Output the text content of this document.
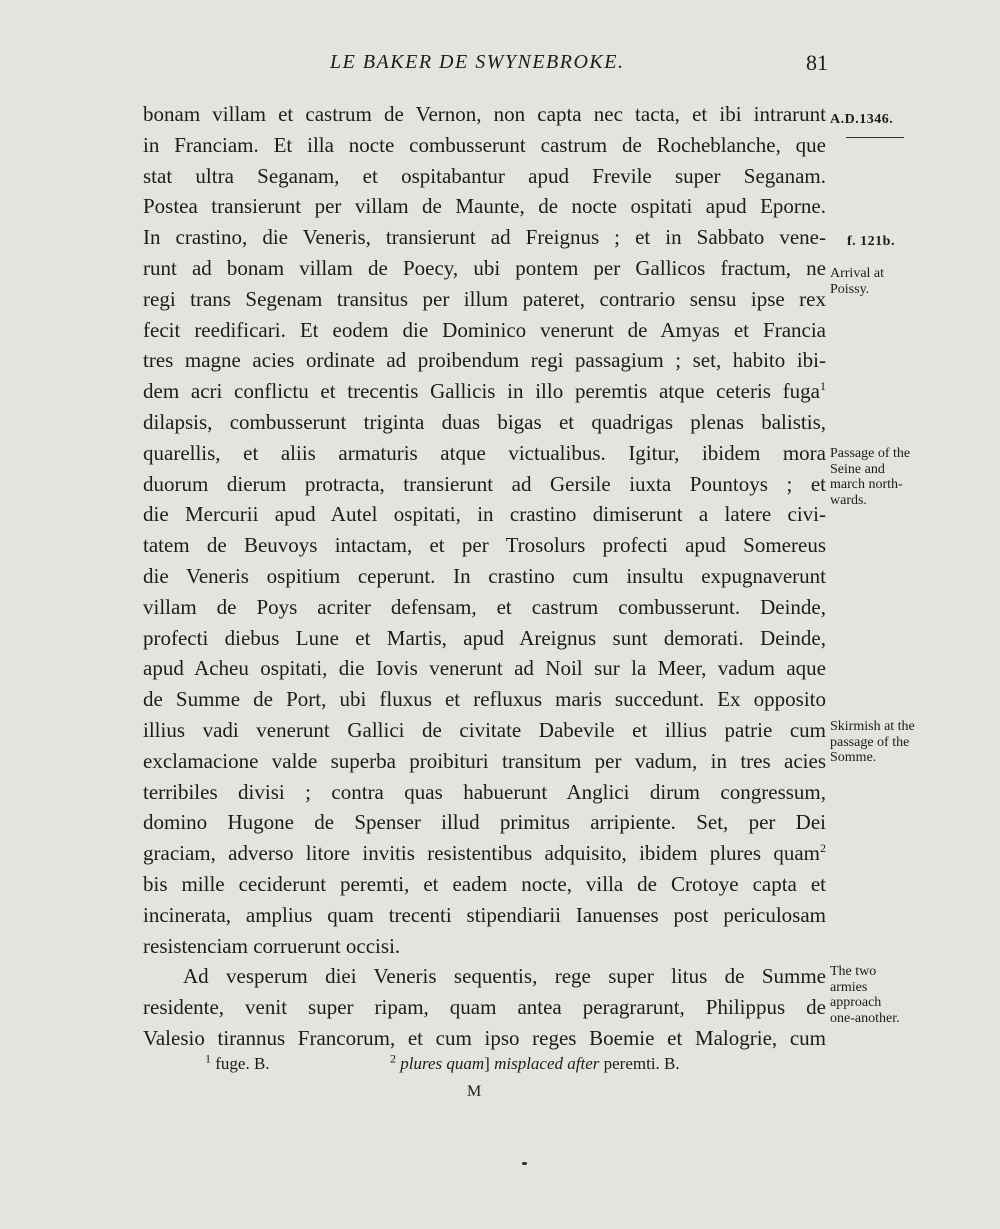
LE BAKER DE SWYNEBROKE.	81
bonam villam et castrum de Vernon, non capta nec tacta, et ibi intrarunt
in Franciam. Et illa nocte combusserunt castrum de Rocheblanche, que
stat ultra Seganam, et ospitabantur apud Frevile super Seganam.
Postea transierunt per villam de Maunte, de nocte ospitati apud Eporne.
In crastino, die Veneris, transierunt ad Freignus ; et in Sabbato vene-
runt ad bonam villam de Poecy, ubi pontem per Gallicos fractum, ne
regi trans Segenam transitus per illum pateret, contrario sensu ipse rex
fecit reedificari. Et eodem die Dominico venerunt de Amyas et Francia
tres magne acies ordinate ad proibendum regi passagium ; set, habito ibi-
dem acri conflictu et trecentis Gallicis in illo peremtis atque ceteris fuga$^1$
dilapsis, combusserunt triginta duas bigas et quadrigas plenas balistis,
quarellis, et aliis armaturis atque victualibus. Igitur, ibidem mora
duorum dierum protracta, transierunt ad Gersile iuxta Pountoys ; et
die Mercurii apud Autel ospitati, in crastino dimiserunt a latere civi-
tatem de Beuvoys intactam, et per Trosolurs profecti apud Somereus
die Veneris ospitium ceperunt. In crastino cum insultu expugnaverunt
villam de Poys acriter defensam, et castrum combusserunt. Deinde,
profecti diebus Lune et Martis, apud Areignus sunt demorati. Deinde,
apud Acheu ospitati, die Iovis venerunt ad Noil sur la Meer, vadum aque
de Summe de Port, ubi fluxus et refluxus maris succedunt. Ex opposito
illius vadi venerunt Gallici de civitate Dabevile et illius patrie cum
exclamacione valde superba proibituri transitum per vadum, in tres acies
terribiles divisi ; contra quas habuerunt Anglici dirum congressum,
domino Hugone de Spenser illud primitus arripiente. Set, per Dei
graciam, adverso litore invitis resistentibus adquisito, ibidem plures quam$^2$
bis mille ceciderunt peremti, et eadem nocte, villa de Crotoye capta et
incinerata, amplius quam trecenti stipendiarii Ianuenses post periculosam
resistenciam corruerunt occisi.
Ad vesperum diei Veneris sequentis, rege super litus de Summe
residente, venit super ripam, quam antea peragrarunt, Philippus de
Valesio tirannus Francorum, et cum ipso reges Boemie et Malogrie, cum
A.D.1346.
f. 121b.
Arrival at Poissy.
Passage of the Seine and march north-wards.
Skirmish at the passage of the Somme.
The two armies approach one-another.
$^1$ fuge. B.	$^2$ plures quam] misplaced after peremti. B.
M
